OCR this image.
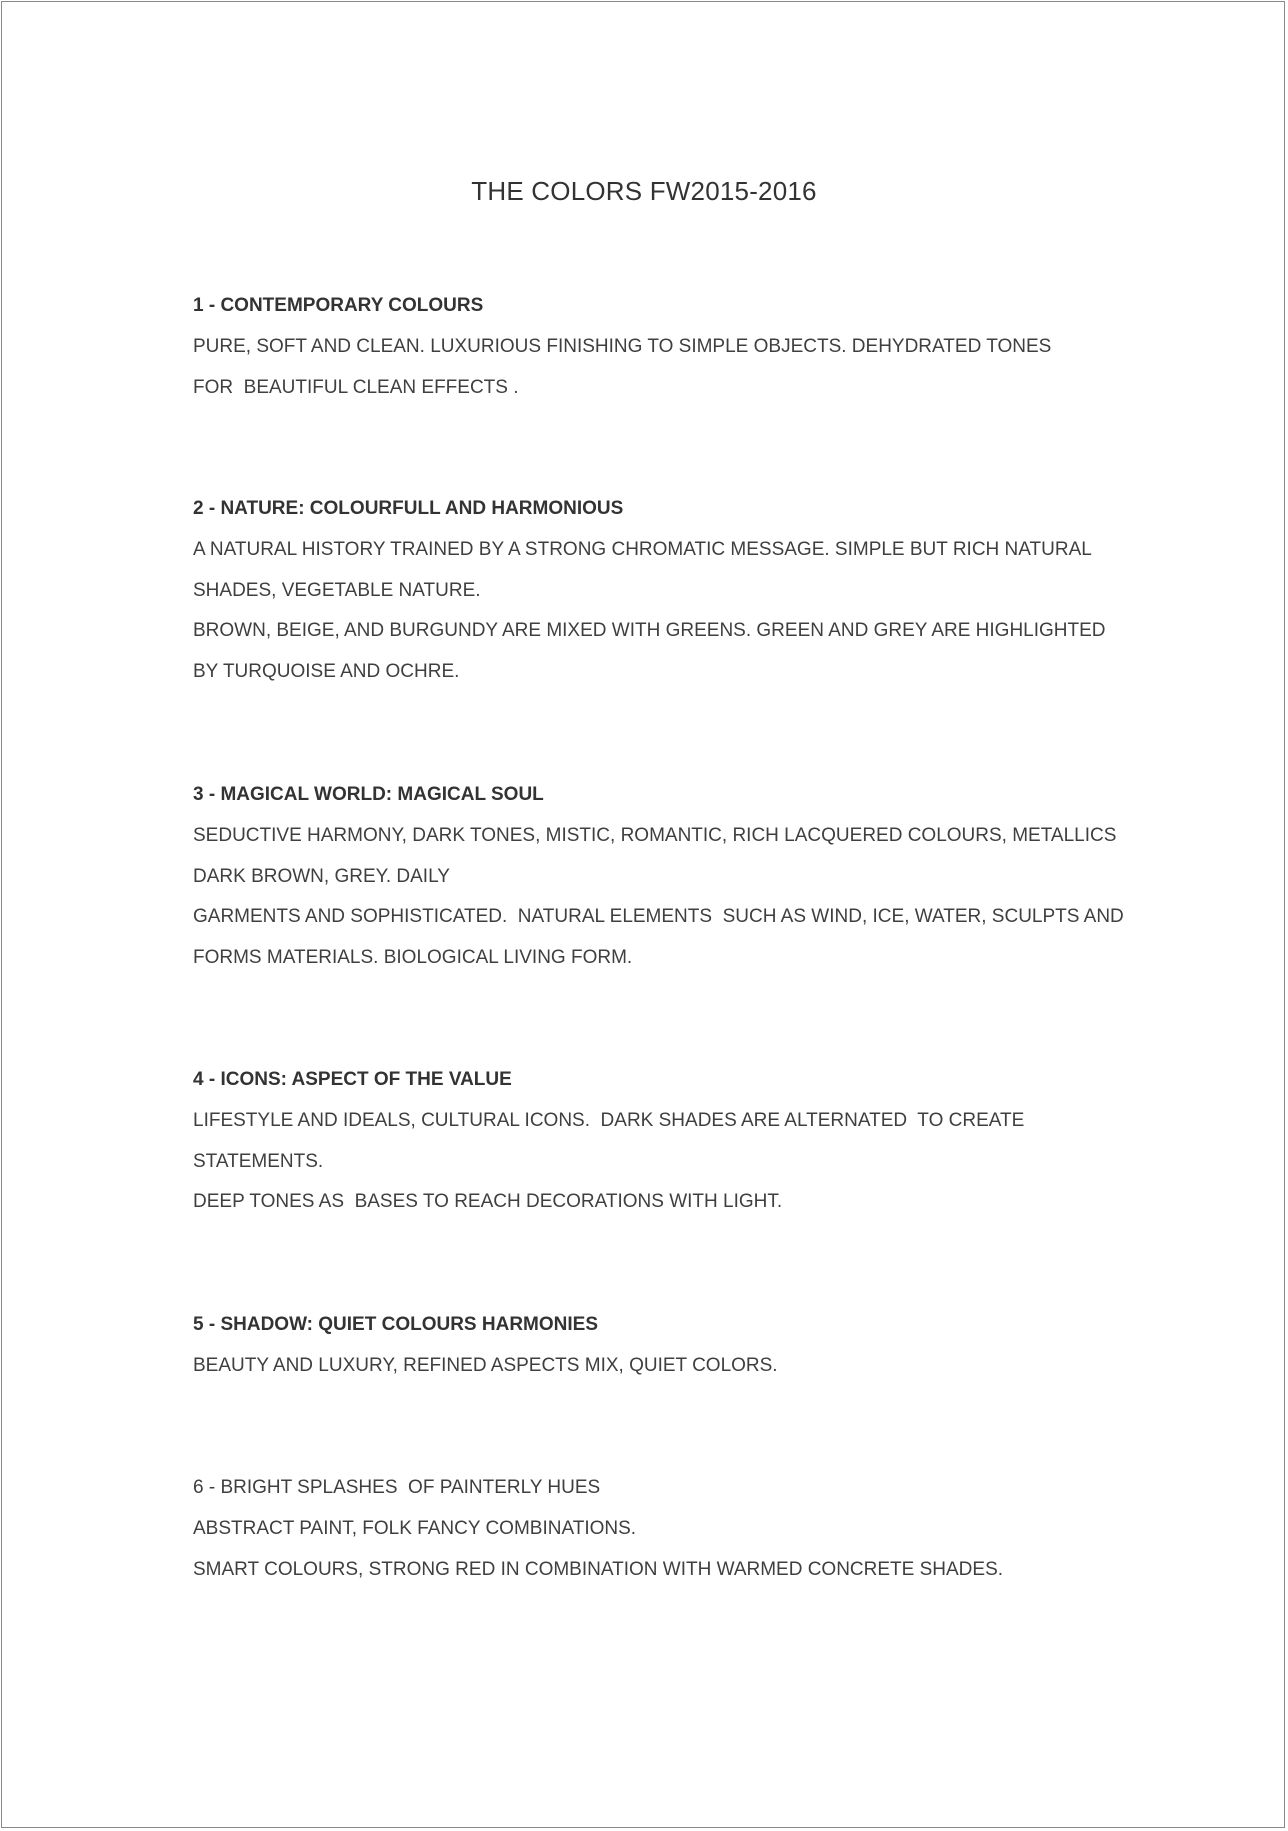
THE COLORS FW2015-2016
1 - CONTEMPORARY COLOURS
PURE, SOFT AND CLEAN. LUXURIOUS FINISHING TO SIMPLE OBJECTS. DEHYDRATED TONES
FOR  BEAUTIFUL CLEAN EFFECTS .
2 - NATURE: COLOURFULL AND HARMONIOUS
A NATURAL HISTORY TRAINED BY A STRONG CHROMATIC MESSAGE. SIMPLE BUT RICH NATURAL
SHADES, VEGETABLE NATURE.
BROWN, BEIGE, AND BURGUNDY ARE MIXED WITH GREENS. GREEN AND GREY ARE HIGHLIGHTED
BY TURQUOISE AND OCHRE.
3 - MAGICAL WORLD: MAGICAL SOUL
SEDUCTIVE HARMONY, DARK TONES, MISTIC, ROMANTIC, RICH LACQUERED COLOURS, METALLICS
DARK BROWN, GREY. DAILY
GARMENTS AND SOPHISTICATED.  NATURAL ELEMENTS  SUCH AS WIND, ICE, WATER, SCULPTS AND
FORMS MATERIALS. BIOLOGICAL LIVING FORM.
4 - ICONS: ASPECT OF THE VALUE
LIFESTYLE AND IDEALS, CULTURAL ICONS.  DARK SHADES ARE ALTERNATED  TO CREATE
STATEMENTS.
DEEP TONES AS  BASES TO REACH DECORATIONS WITH LIGHT.
5 - SHADOW: QUIET COLOURS HARMONIES
BEAUTY AND LUXURY, REFINED ASPECTS MIX, QUIET COLORS.
6 - BRIGHT SPLASHES  OF PAINTERLY HUES
ABSTRACT PAINT, FOLK FANCY COMBINATIONS.
SMART COLOURS, STRONG RED IN COMBINATION WITH WARMED CONCRETE SHADES.
